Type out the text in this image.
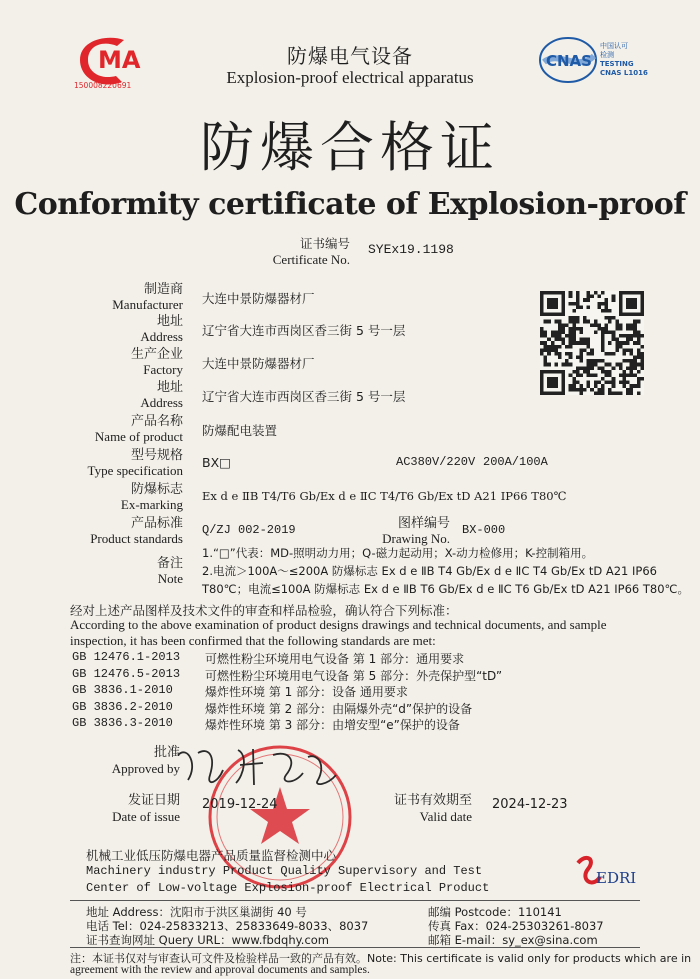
MA
150008220691
CNAS
中国认可
检测
TESTING
CNAS L1016
防爆电气设备
Explosion-proof electrical apparatus
防爆合格证
Conformity certificate of Explosion-proof
证书编号
Certificate No.
SYEx19.1198
制造商
Manufacturer 大连中景防爆器材厂
地址
Address 辽宁省大连市西岗区香三街 5 号一层
生产企业
Factory 大连中景防爆器材厂
地址
Address 辽宁省大连市西岗区香三街 5 号一层
产品名称
Name of product 防爆配电装置
型号规格
Type specification
BX□	AC380V/220V 200A/100A
防爆标志
Ex-marking
Ex d e ⅡB T4/T6 Gb/Ex d e ⅡC T4/T6 Gb/Ex tD A21 IP66 T80℃
产品标准
Product standards
Q/ZJ 002-2019	图样编号
Drawing No.
BX-000
备注
Note
1.“□”代表：MD-照明动力用；Q-磁力起动用；X-动力检修用；K-控制箱用。
2.电流＞100A～≤200A 防爆标志 Ex d e ⅡB T4 Gb/Ex d e ⅡC T4 Gb/Ex tD A21 IP66
T80℃；电流≤100A 防爆标志 Ex d e ⅡB T6 Gb/Ex d e ⅡC T6 Gb/Ex tD A21 IP66 T80℃。
经对上述产品图样及技术文件的审查和样品检验，确认符合下列标准：
According to the above examination of product designs drawings and technical documents, and sample
inspection, it has been confirmed that the following standards are met:
GB 12476.1-2013 可燃性粉尘环境用电气设备 第 1 部分：通用要求
GB 12476.5-2013 可燃性粉尘环境用电气设备 第 5 部分：外壳保护型“tD”
GB 3836.1-2010	爆炸性环境 第 1 部分：设备 通用要求
GB 3836.2-2010	爆炸性环境 第 2 部分：由隔爆外壳“d”保护的设备
GB 3836.3-2010	爆炸性环境 第 3 部分：由增安型“e”保护的设备
批准
Approved by
发证日期
Date of issue
2019-12-24	证书有效期至
Valid date
2024-12-23
机械工业低压防爆电器产品质量监督检测中心
Machinery industry Product Quality Supervisory and Test
Center of Low-voltage Explosion-proof Electrical Product
EDRI
地址 Address：沈阳市于洪区巢湖街 40 号	邮编 Postcode：110141
电话 Tel：024-25833213、25833649-8033、8037	传真 Fax：024-25303261-8037
证书查询网址 Query URL：www.fbdqhy.com	邮箱 E-mail：sy_ex@sina.com
注：本证书仅对与审查认可文件及检验样品一致的产品有效。Note: This certificate is valid only for products which are in
agreement with the review and approval documents and samples.
